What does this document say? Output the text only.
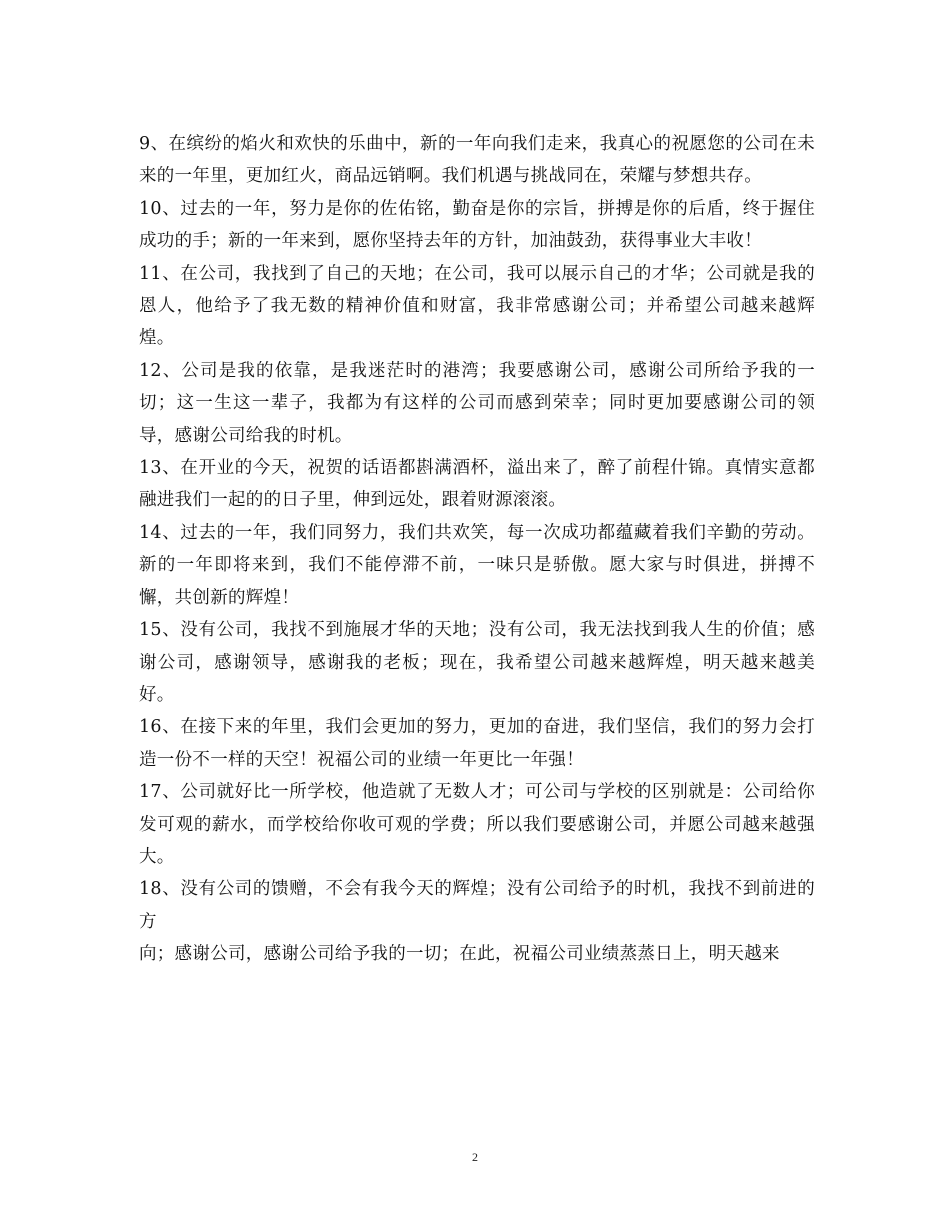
9、在缤纷的焰火和欢快的乐曲中，新的一年向我们走来，我真心的祝愿您的公司在未来的一年里，更加红火，商品远销啊。我们机遇与挑战同在，荣耀与梦想共存。

10、过去的一年，努力是你的佐佑铭，勤奋是你的宗旨，拼搏是你的后盾，终于握住成功的手；新的一年来到，愿你坚持去年的方针，加油鼓劲，获得事业大丰收！

11、在公司，我找到了自己的天地；在公司，我可以展示自己的才华；公司就是我的恩人，他给予了我无数的精神价值和财富，我非常感谢公司；并希望公司越来越辉煌。

12、公司是我的依靠，是我迷茫时的港湾；我要感谢公司，感谢公司所给予我的一切；这一生这一辈子，我都为有这样的公司而感到荣幸；同时更加要感谢公司的领导，感谢公司给我的时机。

13、在开业的今天，祝贺的话语都斟满酒杯，溢出来了，醉了前程什锦。真情实意都融进我们一起的的日子里，伸到远处，跟着财源滚滚。

14、过去的一年，我们同努力，我们共欢笑，每一次成功都蕴藏着我们辛勤的劳动。新的一年即将来到，我们不能停滞不前，一味只是骄傲。愿大家与时俱进，拼搏不懈，共创新的辉煌！

15、没有公司，我找不到施展才华的天地；没有公司，我无法找到我人生的价值；感谢公司，感谢领导，感谢我的老板；现在，我希望公司越来越辉煌，明天越来越美好。

16、在接下来的年里，我们会更加的努力，更加的奋进，我们坚信，我们的努力会打造一份不一样的天空！祝福公司的业绩一年更比一年强！

17、公司就好比一所学校，他造就了无数人才；可公司与学校的区别就是：公司给你发可观的薪水，而学校给你收可观的学费；所以我们要感谢公司，并愿公司越来越强大。

18、没有公司的馈赠，不会有我今天的辉煌；没有公司给予的时机，我找不到前进的方

向；感谢公司，感谢公司给予我的一切；在此，祝福公司业绩蒸蒸日上，明天越来

2
